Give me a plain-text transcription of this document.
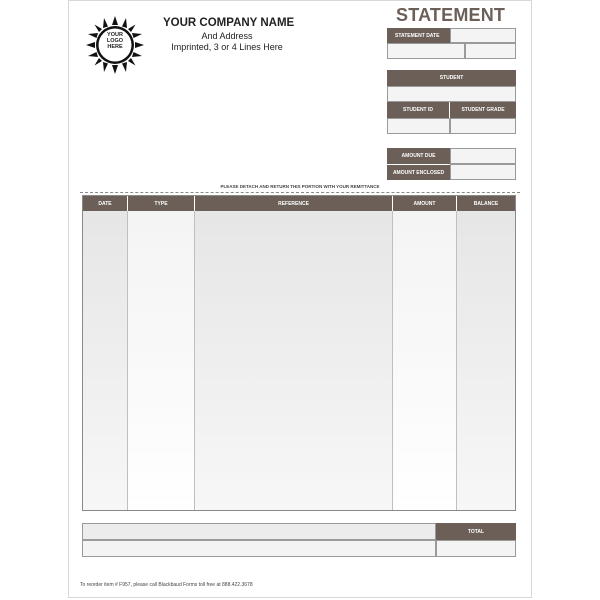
YOUR
LOGO
HERE
YOUR COMPANY NAME
And Address
Imprinted, 3 or 4 Lines Here
STATEMENT
STATEMENT DATE
STUDENT
STUDENT ID	STUDENT GRADE
AMOUNT DUE
AMOUNT ENCLOSED
PLEASE DETACH AND RETURN THIS PORTION WITH YOUR REMITTANCE
DATE	TYPE	REFERENCE	AMOUNT	BALANCE
TOTAL
To reorder item # F957, please call Blackbaud Forms toll free at 888.422.3678
